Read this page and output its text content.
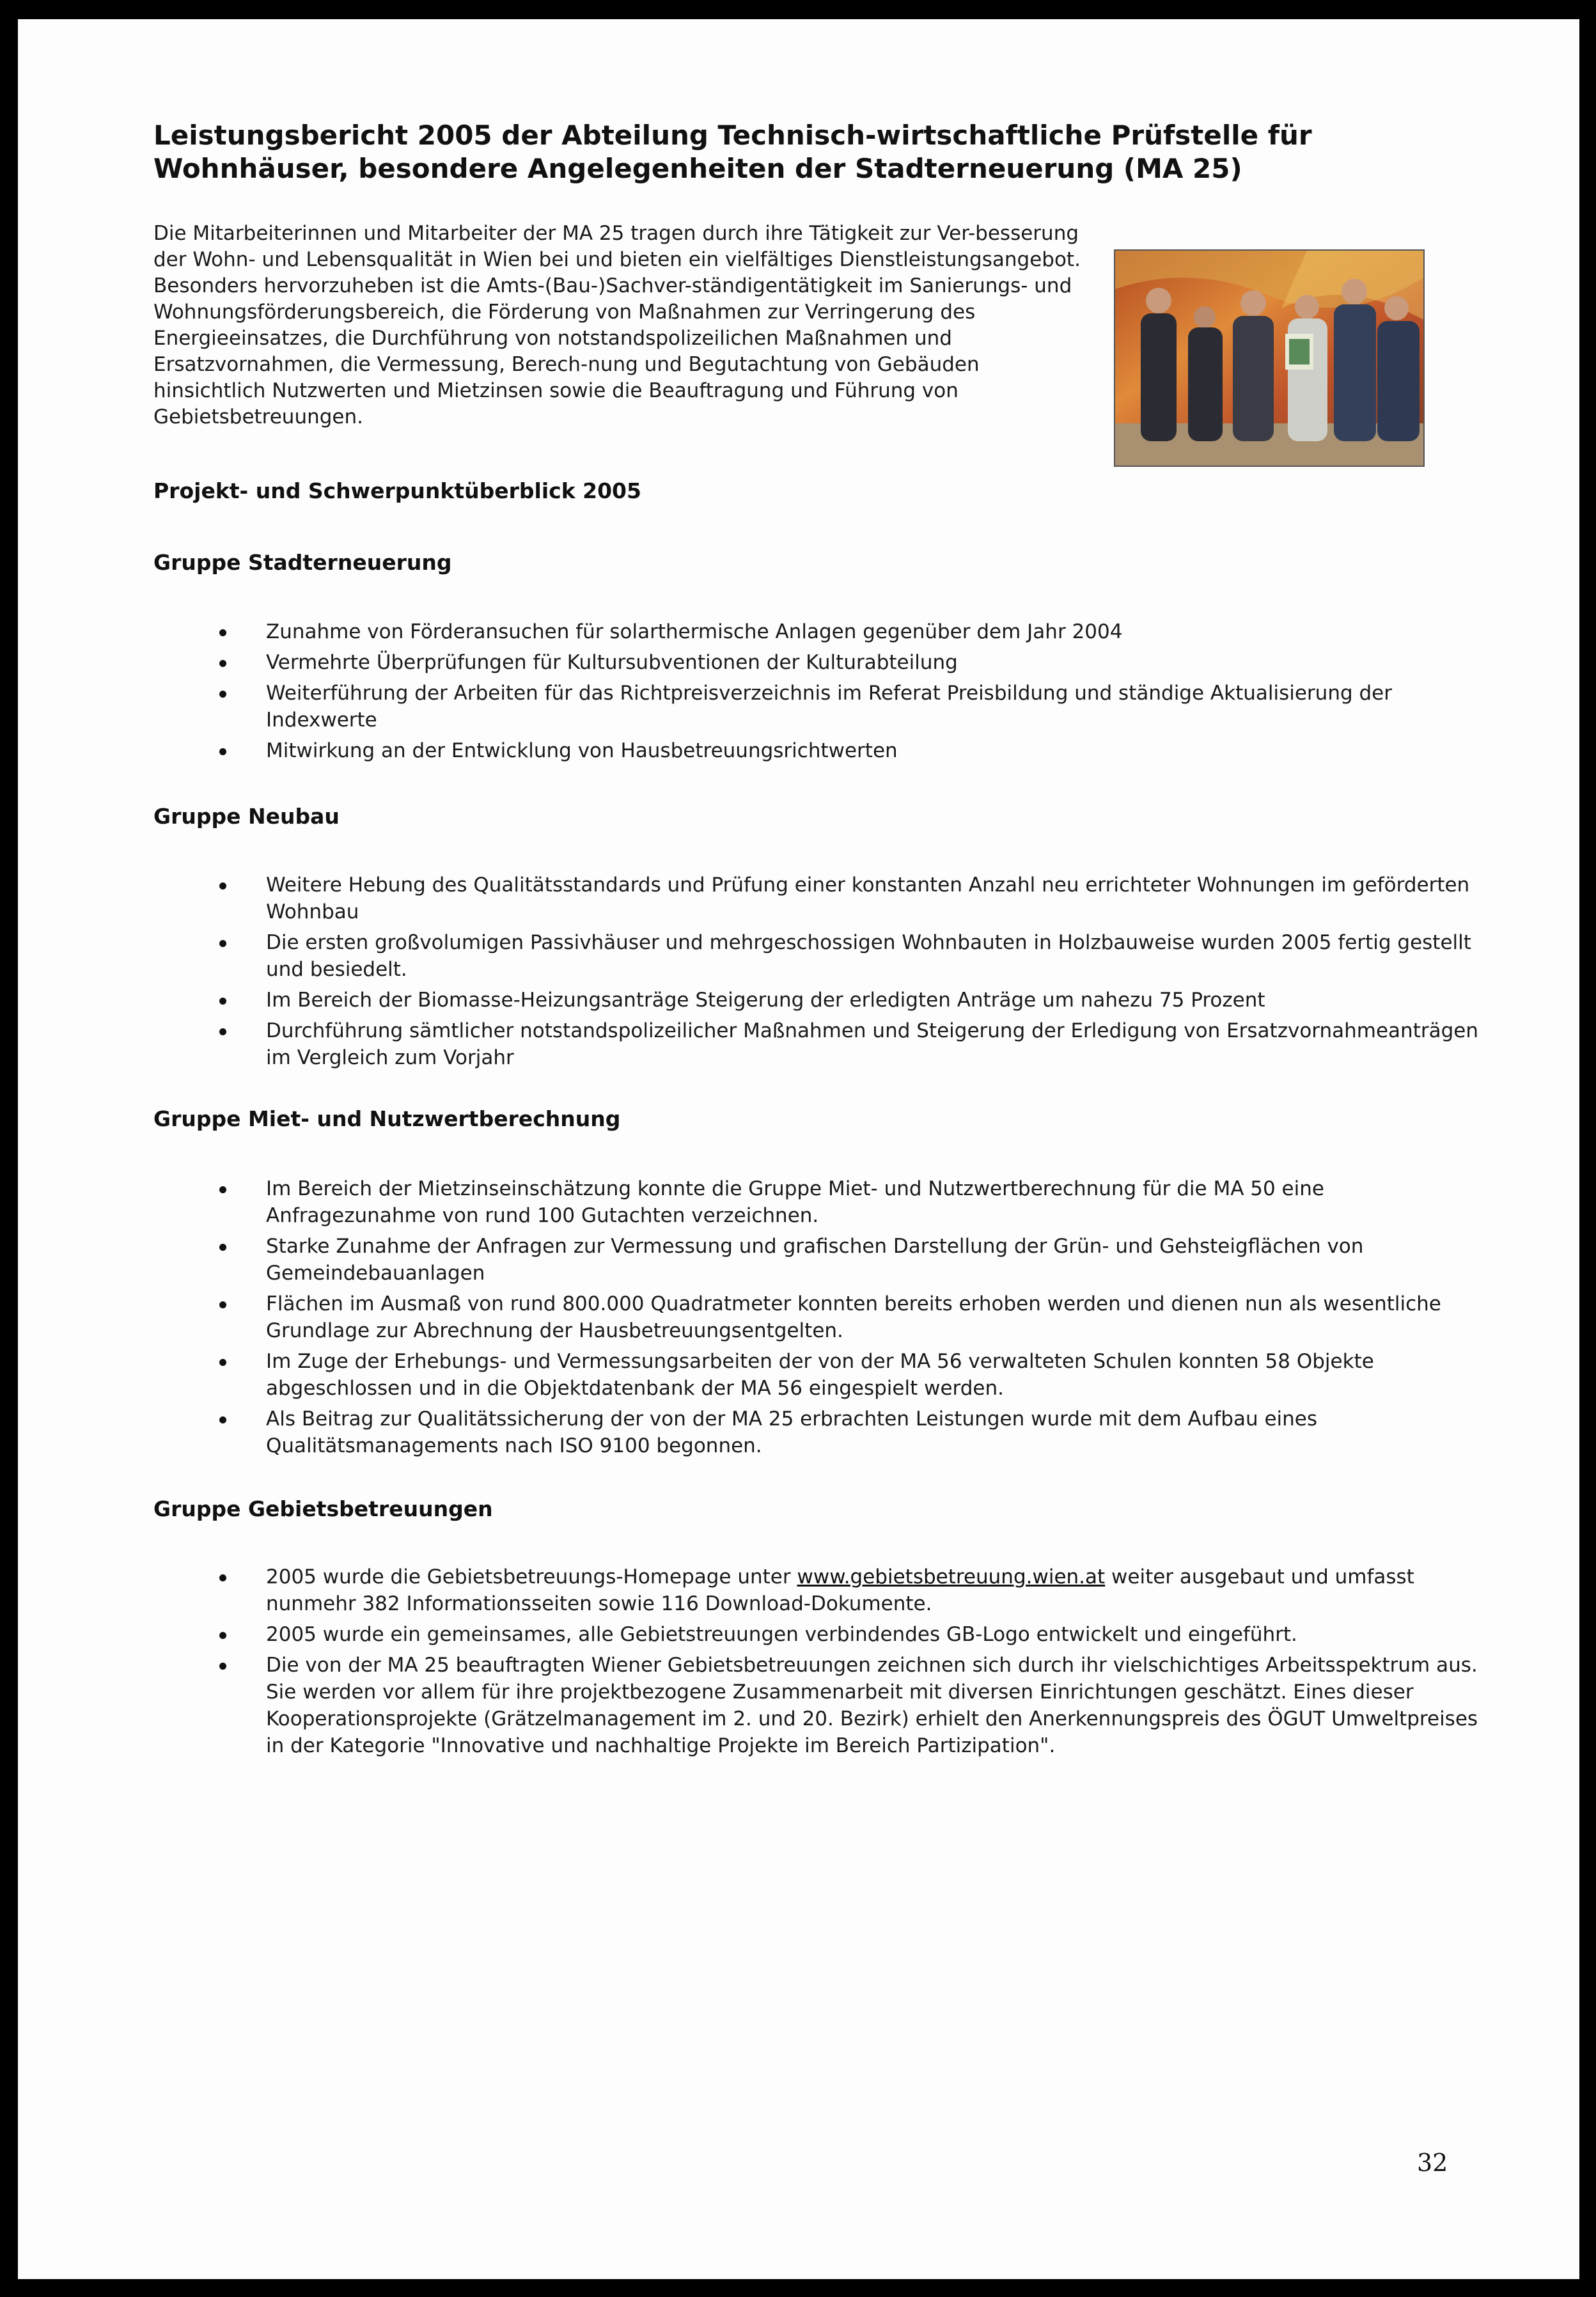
Leistungsbericht 2005 der Abteilung Technisch-wirtschaftliche Prüfstelle für Wohnhäuser, besondere Angelegenheiten der Stadterneuerung (MA 25)

Die Mitarbeiterinnen und Mitarbeiter der MA 25 tragen durch ihre Tätigkeit zur Ver-besserung der Wohn- und Lebensqualität in Wien bei und bieten ein vielfältiges Dienstleistungsangebot. Besonders hervorzuheben ist die Amts-(Bau-)Sachver-ständigentätigkeit im Sanierungs- und Wohnungsförderungsbereich, die Förderung von Maßnahmen zur Verringerung des Energieeinsatzes, die Durchführung von notstandspolizeilichen Maßnahmen und Ersatzvornahmen, die Vermessung, Berech-nung und Begutachtung von Gebäuden hinsichtlich Nutzwerten und Mietzinsen sowie die Beauftragung und Führung von Gebietsbetreuungen.

Projekt- und Schwerpunktüberblick 2005
Gruppe Stadterneuerung
Zunahme von Förderansuchen für solarthermische Anlagen gegenüber dem Jahr 2004
Vermehrte Überprüfungen für Kultursubventionen der Kulturabteilung
Weiterführung der Arbeiten für das Richtpreisverzeichnis im Referat Preisbildung und ständige Aktualisierung der Indexwerte
Mitwirkung an der Entwicklung von Hausbetreuungsrichtwerten
Gruppe Neubau
Weitere Hebung des Qualitätsstandards und Prüfung einer konstanten Anzahl neu errichteter Wohnungen im geförderten Wohnbau
Die ersten großvolumigen Passivhäuser und mehrgeschossigen Wohnbauten in Holzbauweise wurden 2005 fertig gestellt und besiedelt.
Im Bereich der Biomasse-Heizungsanträge Steigerung der erledigten Anträge um nahezu 75 Prozent
Durchführung sämtlicher notstandspolizeilicher Maßnahmen und Steigerung der Erledigung von Ersatzvornahmeanträgen im Vergleich zum Vorjahr
Gruppe Miet- und Nutzwertberechnung
Im Bereich der Mietzinseinschätzung konnte die Gruppe Miet- und Nutzwertberechnung für die MA 50 eine Anfragezunahme von rund 100 Gutachten verzeichnen.
Starke Zunahme der Anfragen zur Vermessung und grafischen Darstellung der Grün- und Gehsteigflächen von Gemeindebauanlagen
Flächen im Ausmaß von rund 800.000 Quadratmeter konnten bereits erhoben werden und dienen nun als wesentliche Grundlage zur Abrechnung der Hausbetreuungsentgelten.
Im Zuge der Erhebungs- und Vermessungsarbeiten der von der MA 56 verwalteten Schulen konnten 58 Objekte abgeschlossen und in die Objektdatenbank der MA 56 eingespielt werden.
Als Beitrag zur Qualitätssicherung der von der MA 25 erbrachten Leistungen wurde mit dem Aufbau eines Qualitätsmanagements nach ISO 9100 begonnen.
Gruppe Gebietsbetreuungen
2005 wurde die Gebietsbetreuungs-Homepage unter www.gebietsbetreuung.wien.at weiter ausgebaut und umfasst nunmehr 382 Informationsseiten sowie 116 Download-Dokumente.
2005 wurde ein gemeinsames, alle Gebietstreuungen verbindendes GB-Logo entwickelt und eingeführt.
Die von der MA 25 beauftragten Wiener Gebietsbetreuungen zeichnen sich durch ihr vielschichtiges Arbeitsspektrum aus. Sie werden vor allem für ihre projektbezogene Zusammenarbeit mit diversen Einrichtungen geschätzt. Eines dieser Kooperationsprojekte (Grätzelmanagement im 2. und 20. Bezirk) erhielt den Anerkennungspreis des ÖGUT Umweltpreises in der Kategorie "Innovative und nachhaltige Projekte im Bereich Partizipation".
32
